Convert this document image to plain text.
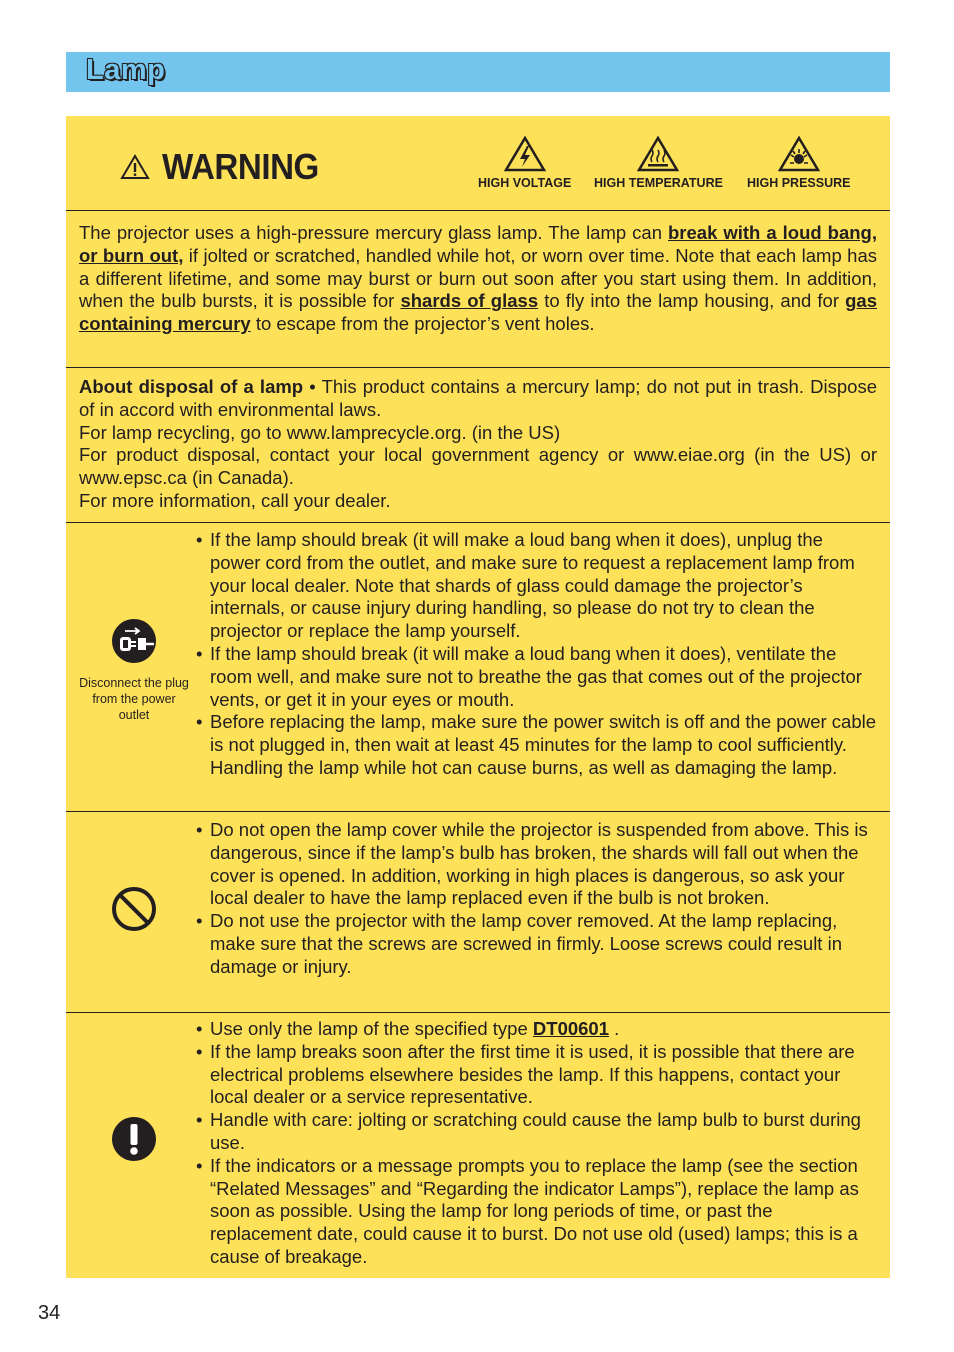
Lamp
WARNING	HIGH VOLTAGE HIGH TEMPERATURE HIGH PRESSURE
The projector uses a high-pressure mercury glass lamp. The lamp can break with a loud bang, or burn out, if jolted or scratched, handled while hot, or worn over time. Note that each lamp has a different lifetime, and some may burst or burn out soon after you start using them. In addition, when the bulb bursts, it is possible for shards of glass to fly into the lamp housing, and for gas containing mercury to escape from the projector’s vent holes.
About disposal of a lamp • This product contains a mercury lamp; do not put in trash. Dispose of in accord with environmental laws.
For lamp recycling, go to www.lamprecycle.org. (in the US)
For product disposal, contact your local government agency or www.eiae.org (in the US) or www.epsc.ca (in Canada).
For more information, call your dealer.
Disconnect the plug from the power outlet
• If the lamp should break (it will make a loud bang when it does), unplug the power cord from the outlet, and make sure to request a replacement lamp from your local dealer. Note that shards of glass could damage the projector’s internals, or cause injury during handling, so please do not try to clean the projector or replace the lamp yourself.
• If the lamp should break (it will make a loud bang when it does), ventilate the room well, and make sure not to breathe the gas that comes out of the projector vents, or get it in your eyes or mouth.
• Before replacing the lamp, make sure the power switch is off and the power cable is not plugged in, then wait at least 45 minutes for the lamp to cool sufficiently. Handling the lamp while hot can cause burns, as well as damaging the lamp.
• Do not open the lamp cover while the projector is suspended from above. This is dangerous, since if the lamp’s bulb has broken, the shards will fall out when the cover is opened. In addition, working in high places is dangerous, so ask your local dealer to have the lamp replaced even if the bulb is not broken.
• Do not use the projector with the lamp cover removed. At the lamp replacing, make sure that the screws are screwed in firmly. Loose screws could result in damage or injury.
• Use only the lamp of the specified type DT00601 .
• If the lamp breaks soon after the first time it is used, it is possible that there are electrical problems elsewhere besides the lamp. If this happens, contact your local dealer or a service representative.
• Handle with care: jolting or scratching could cause the lamp bulb to burst during use.
• If the indicators or a message prompts you to replace the lamp (see the section “Related Messages” and “Regarding the indicator Lamps”), replace the lamp as soon as possible. Using the lamp for long periods of time, or past the replacement date, could cause it to burst. Do not use old (used) lamps; this is a cause of breakage.
34
